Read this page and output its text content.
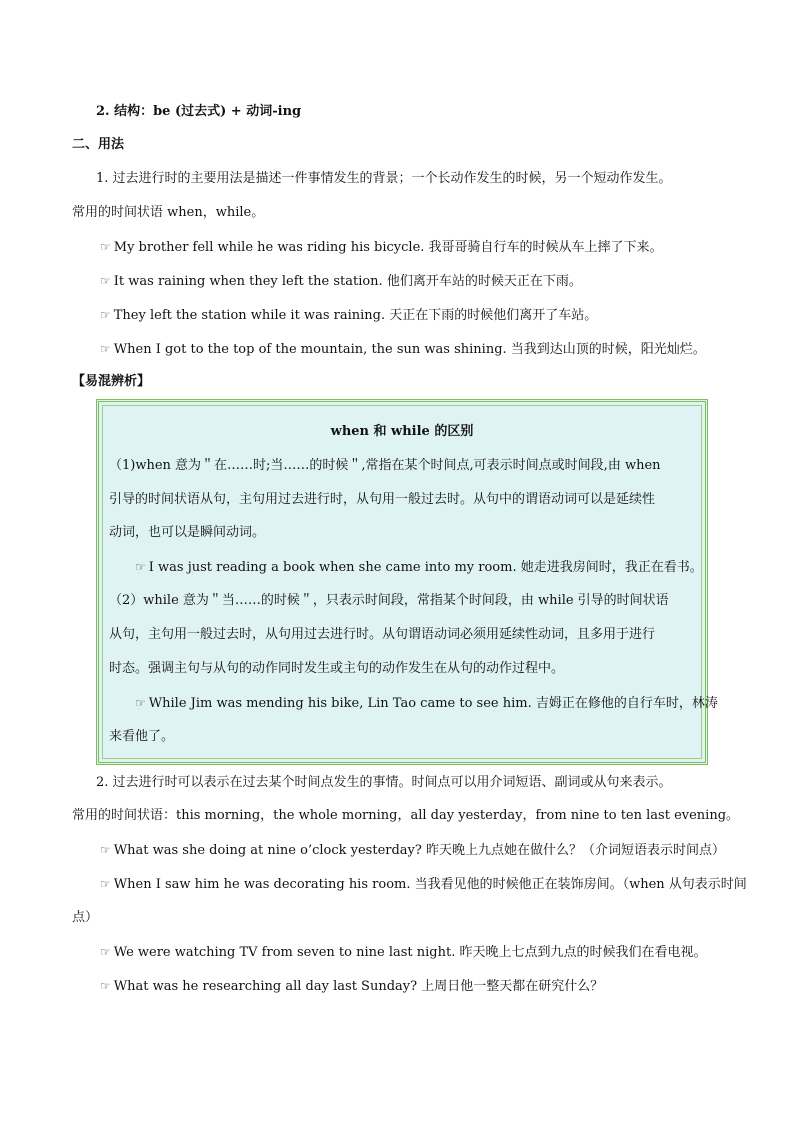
2. 结构：be (过去式) + 动词-ing
二、用法
1. 过去进行时的主要用法是描述一件事情发生的背景；一个长动作发生的时候，另一个短动作发生。
常用的时间状语 when，while。
☞ My brother fell while he was riding his bicycle. 我哥哥骑自行车的时候从车上摔了下来。
☞ It was raining when they left the station. 他们离开车站的时候天正在下雨。
☞ They left the station while it was raining. 天正在下雨的时候他们离开了车站。
☞ When I got to the top of the mountain, the sun was shining. 当我到达山顶的时候，阳光灿烂。
【易混辨析】
when 和 while 的区别
（1)when 意为＂在……时;当……的时候＂,常指在某个时间点,可表示时间点或时间段,由 when
引导的时间状语从句，主句用过去进行时，从句用一般过去时。从句中的谓语动词可以是延续性
动词，也可以是瞬间动词。
☞ I was just reading a book when she came into my room. 她走进我房间时，我正在看书。
（2）while 意为＂当……的时候＂，只表示时间段，常指某个时间段，由 while 引导的时间状语
从句，主句用一般过去时，从句用过去进行时。从句谓语动词必须用延续性动词，且多用于进行
时态。强调主句与从句的动作同时发生或主句的动作发生在从句的动作过程中。
☞ While Jim was mending his bike, Lin Tao came to see him. 吉姆正在修他的自行车时，林涛
来看他了。
2. 过去进行时可以表示在过去某个时间点发生的事情。时间点可以用介词短语、副词或从句来表示。
常用的时间状语：this morning，the whole morning，all day yesterday，from nine to ten last evening。
☞ What was she doing at nine o’clock yesterday? 昨天晚上九点她在做什么？（介词短语表示时间点）
☞ When I saw him he was decorating his room. 当我看见他的时候他正在装饰房间。（when 从句表示时间
点）
☞ We were watching TV from seven to nine last night. 昨天晚上七点到九点的时候我们在看电视。
☞ What was he researching all day last Sunday? 上周日他一整天都在研究什么？
